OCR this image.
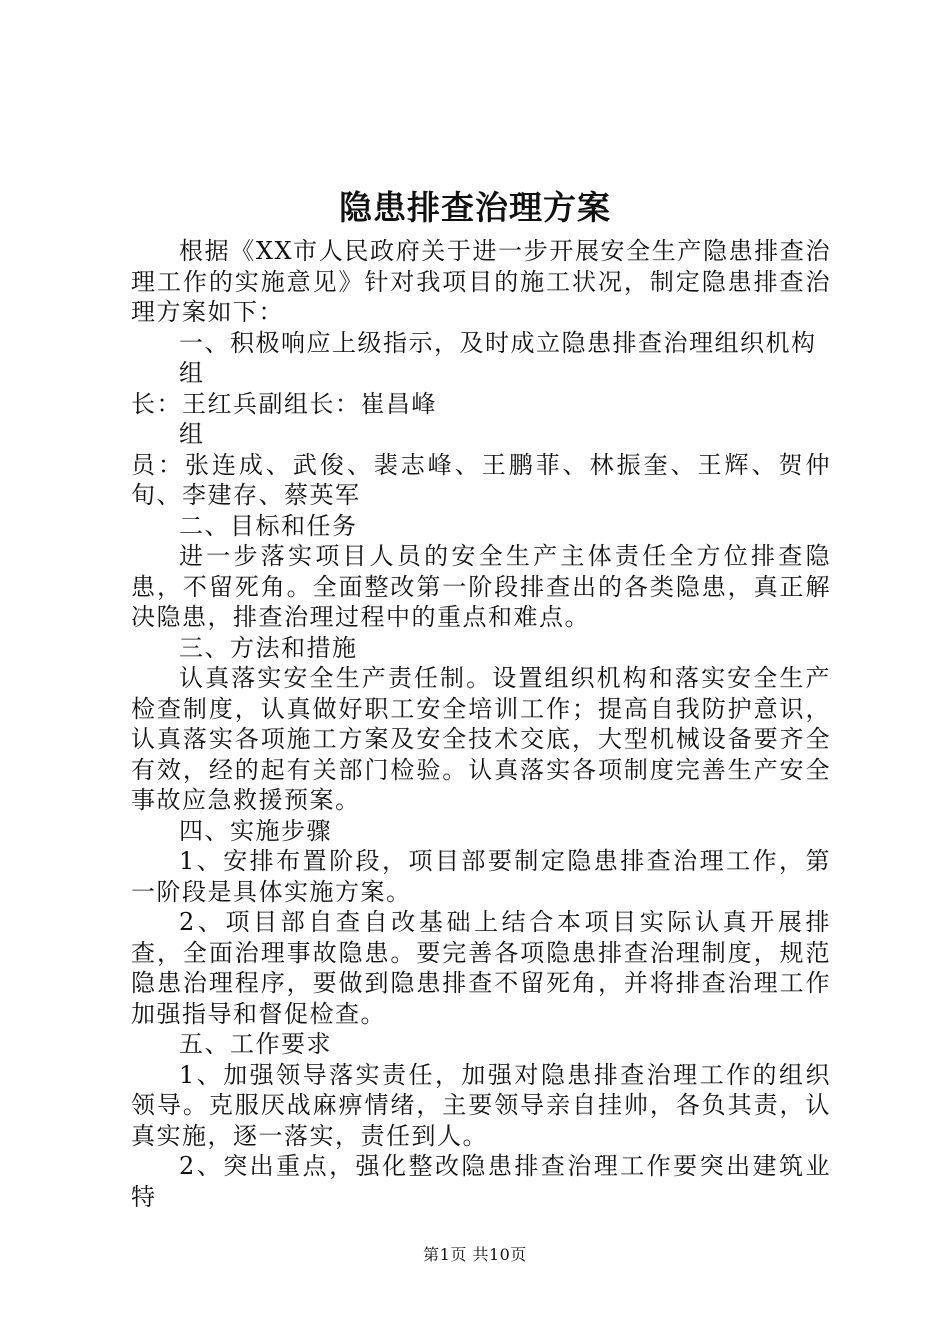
隐患排查治理方案

根据《XX市人民政府关于进一步开展安全生产隐患排查治理工作的实施意见》针对我项目的施工状况，制定隐患排查治理方案如下：

一、积极响应上级指示，及时成立隐患排查治理组织机构

组

长：王红兵副组长：崔昌峰

组

员：张连成、武俊、裴志峰、王鹏菲、林振奎、王辉、贺仲旬、李建存、蔡英军

二、目标和任务

进一步落实项目人员的安全生产主体责任全方位排查隐患，不留死角。全面整改第一阶段排查出的各类隐患，真正解决隐患，排查治理过程中的重点和难点。

三、方法和措施

认真落实安全生产责任制。设置组织机构和落实安全生产检查制度，认真做好职工安全培训工作；提高自我防护意识，认真落实各项施工方案及安全技术交底，大型机械设备要齐全有效，经的起有关部门检验。认真落实各项制度完善生产安全事故应急救援预案。

四、实施步骤

1、安排布置阶段，项目部要制定隐患排查治理工作，第一阶段是具体实施方案。

2、项目部自查自改基础上结合本项目实际认真开展排查，全面治理事故隐患。要完善各项隐患排查治理制度，规范隐患治理程序，要做到隐患排查不留死角，并将排查治理工作加强指导和督促检查。

五、工作要求

1、加强领导落实责任，加强对隐患排查治理工作的组织领导。克服厌战麻痹情绪，主要领导亲自挂帅，各负其责，认真实施，逐一落实，责任到人。

2、突出重点，强化整改隐患排查治理工作要突出建筑业特

第1页 共10页
